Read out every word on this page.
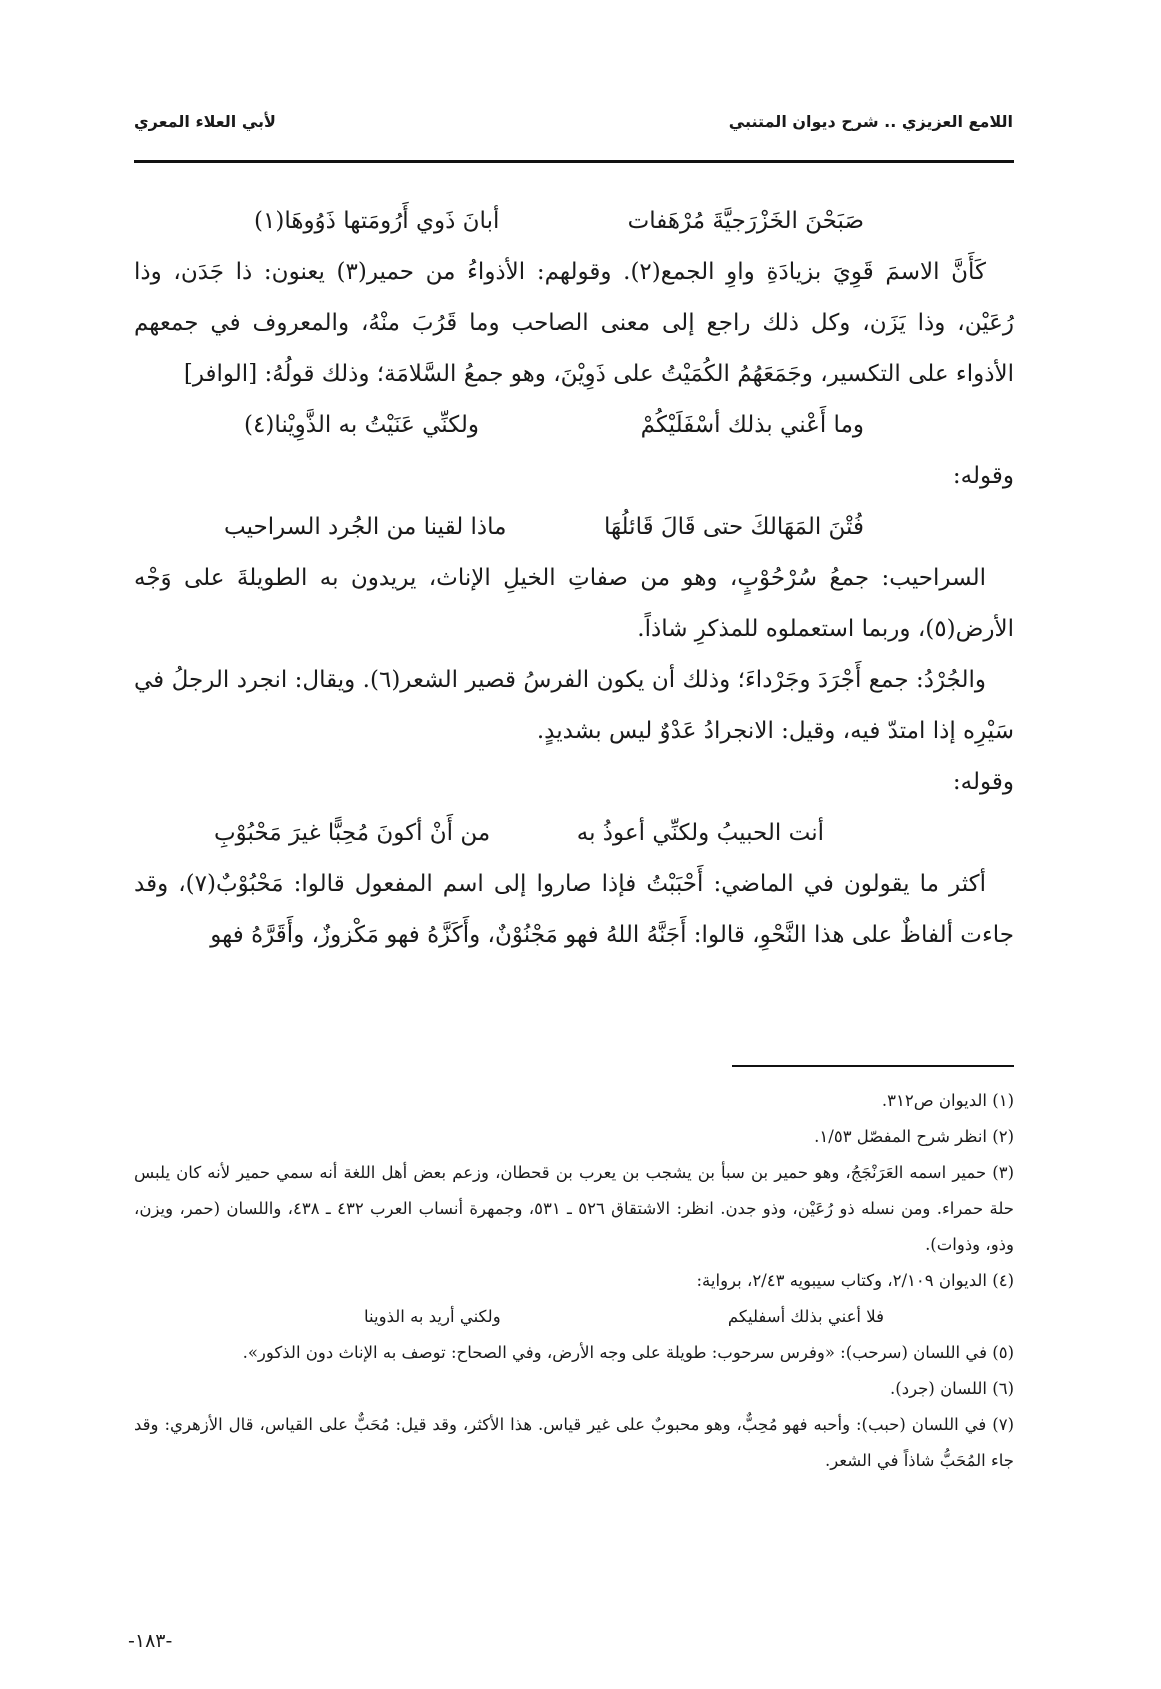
اللامع العزيزي .. شرح ديوان المتنبي
لأبي العلاء المعري
صَبَحْنَ الخَزْرَجيَّةَ مُرْهَفات
أبانَ ذَوي أَرُومَتها ذَوُوهَا(١)

كَأَنَّ الاسمَ قَوِيَ بزيادَةِ واوِ الجمع(٢). وقولهم: الأذواءُ من حمير(٣) يعنون: ذا جَدَن، وذا رُعَيْن، وذا يَزَن، وكل ذلك راجع إلى معنى الصاحب وما قَرُبَ منْهُ، والمعروف في جمعهم الأذواء على التكسير، وجَمَعَهُمُ الكُمَيْتُ على ذَوِيْنَ، وهو جمعُ السَّلامَة؛ وذلك قولُهُ: [الوافر]

وما أَعْني بذلك أسْفَلَيْكُمْ
ولكنِّي عَنَيْتُ به الذَّوِيْنا(٤)

وقوله:

فُتْنَ المَهَالكَ حتى قَالَ قَائلُهَا
ماذا لقينا من الجُرد السراحيب

السراحيب: جمعُ سُرْحُوْبٍ، وهو من صفاتِ الخيلِ الإناث، يريدون به الطويلةَ على وَجْه الأرض(٥)، وربما استعملوه للمذكرِ شاذاً.

والجُرْدُ: جمع أَجْرَدَ وجَرْداءَ؛ وذلك أن يكون الفرسُ قصير الشعر(٦). ويقال: انجرد الرجلُ في سَيْرِه إذا امتدّ فيه، وقيل: الانجرادُ عَدْوٌ ليس بشديدٍ.

وقوله:

أنت الحبيبُ ولكنِّي أعوذُ به
من أَنْ أكونَ مُحِبًّا غيرَ مَحْبُوْبِ

أكثر ما يقولون في الماضي: أَحْبَبْتُ فإذا صاروا إلى اسم المفعول قالوا: مَحْبُوْبٌ(٧)، وقد جاءت ألفاظٌ على هذا النَّحْوِ، قالوا: أَجَنَّهُ اللهُ فهو مَجْنُوْنٌ، وأَكَزَّهُ فهو مَكْزوزٌ، وأَقَرَّهُ فهو

(١) الديوان ص٣١٢.

(٢) انظر شرح المفصّل ١/٥٣.

(٣) حمير اسمه العَرَنْجَجُ، وهو حمير بن سبأ بن يشجب بن يعرب بن قحطان، وزعم بعض أهل اللغة أنه سمي حمير لأنه كان يلبس حلة حمراء. ومن نسله ذو رُعَيْن، وذو جدن. انظر: الاشتقاق ٥٢٦ ـ ٥٣١، وجمهرة أنساب العرب ٤٣٢ ـ ٤٣٨، واللسان (حمر، ويزن، وذو، وذوات).

(٤) الديوان ٢/١٠٩، وكتاب سيبويه ٢/٤٣، برواية:

فلا أعني بذلك أسفليكم
ولكني أريد به الذوينا

(٥) في اللسان (سرحب): «وفرس سرحوب: طويلة على وجه الأرض، وفي الصحاح: توصف به الإناث دون الذكور».

(٦) اللسان (جرد).

(٧) في اللسان (حبب): وأحبه فهو مُحِبٌّ، وهو محبوبٌ على غير قياس. هذا الأكثر، وقد قيل: مُحَبٌّ على القياس، قال الأزهري: وقد جاء المُحَبُّ شاذاً في الشعر.

-١٨٣-
